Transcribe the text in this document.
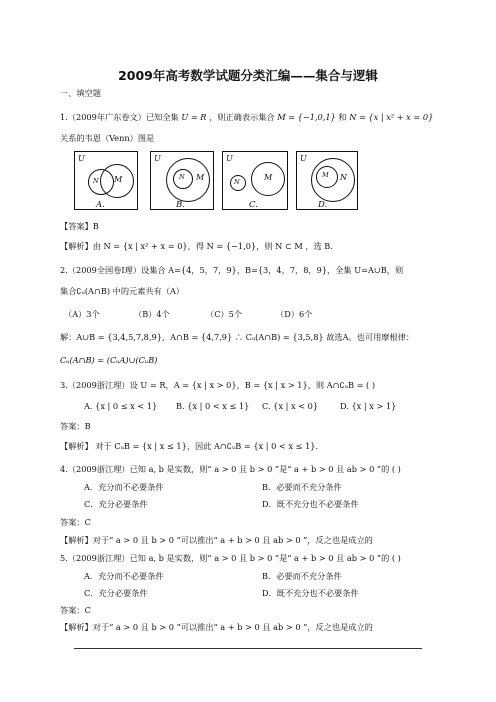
2009年高考数学试题分类汇编——集合与逻辑
一、填空题
1.（2009年广东卷文）已知全集 U = R ，则正确表示集合 M = {−1,0,1} 和 N = {x | x² + x = 0}
关系的韦恩（Venn）图是
U
N M
A.
U
N M
B.
U
N	M
C.
U
M N
D.
【答案】B
【解析】由 N = {x | x² + x = 0}，得 N = {−1,0}，则 N ⊂ M ，选 B.
2.（2009全国卷Ⅰ理）设集合 A={4，5，7，9}，B={3，4，7，8，9}，全集 U=A∪B，则
集合∁ᵤ(A∩B) 中的元素共有（A）
（A）3个	（B）4个	（C）5个	（D）6个
解：A∪B = {3,4,5,7,8,9}，A∩B = {4,7,9} ∴ Cᵤ(A∩B) = {3,5,8} 故选A。也可用摩根律：
Cᵤ(A∩B) = (CᵤA)∪(CᵤB)
3.（2009浙江理）设 U = R，A = {x | x > 0}，B = {x | x > 1}，则 A∩∁ᵤB = ( )
A. {x | 0 ≤ x < 1} B. {x | 0 < x ≤ 1} C. {x | x < 0}	D. {x | x > 1}
答案：B
【解析】 对于 CᵤB = {x | x ≤ 1}，因此 A∩∁ᵤB = {x | 0 < x ≤ 1}．
4.（2009浙江理）已知 a, b 是实数，则“ a > 0 且 b > 0 ”是“ a + b > 0 且 ab > 0 ”的 ( )
A．充分而不必要条件	B．必要而不充分条件
C．充分必要条件	D．既不充分也不必要条件
答案：C
【解析】对于“ a > 0 且 b > 0 ”可以推出“ a + b > 0 且 ab > 0 ”，反之也是成立的
5.（2009浙江理）已知 a, b 是实数，则“ a > 0 且 b > 0 ”是“ a + b > 0 且 ab > 0 ”的 ( )
A．充分而不必要条件	B．必要而不充分条件
C．充分必要条件	D．既不充分也不必要条件
答案：C
【解析】对于“ a > 0 且 b > 0 ”可以推出“ a + b > 0 且 ab > 0 ”，反之也是成立的
